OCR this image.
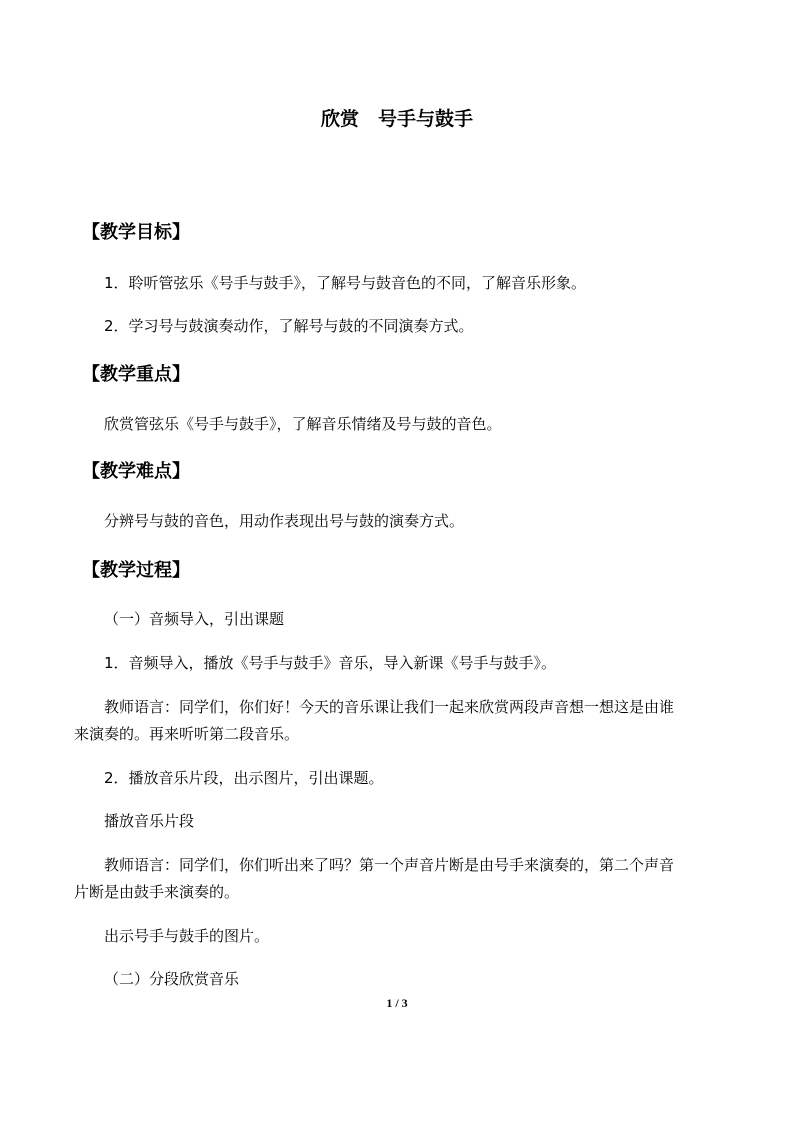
欣赏　号手与鼓手
【教学目标】
1．聆听管弦乐《号手与鼓手》，了解号与鼓音色的不同，了解音乐形象。
2．学习号与鼓演奏动作，了解号与鼓的不同演奏方式。
【教学重点】
欣赏管弦乐《号手与鼓手》，了解音乐情绪及号与鼓的音色。
【教学难点】
分辨号与鼓的音色，用动作表现出号与鼓的演奏方式。
【教学过程】
（一）音频导入，引出课题
1．音频导入，播放《号手与鼓手》音乐，导入新课《号手与鼓手》。
教师语言：同学们，你们好！今天的音乐课让我们一起来欣赏两段声音想一想这是由谁
来演奏的。再来听听第二段音乐。
2．播放音乐片段，出示图片，引出课题。
播放音乐片段
教师语言：同学们，你们听出来了吗？第一个声音片断是由号手来演奏的，第二个声音
片断是由鼓手来演奏的。
出示号手与鼓手的图片。
（二）分段欣赏音乐
1 / 3
